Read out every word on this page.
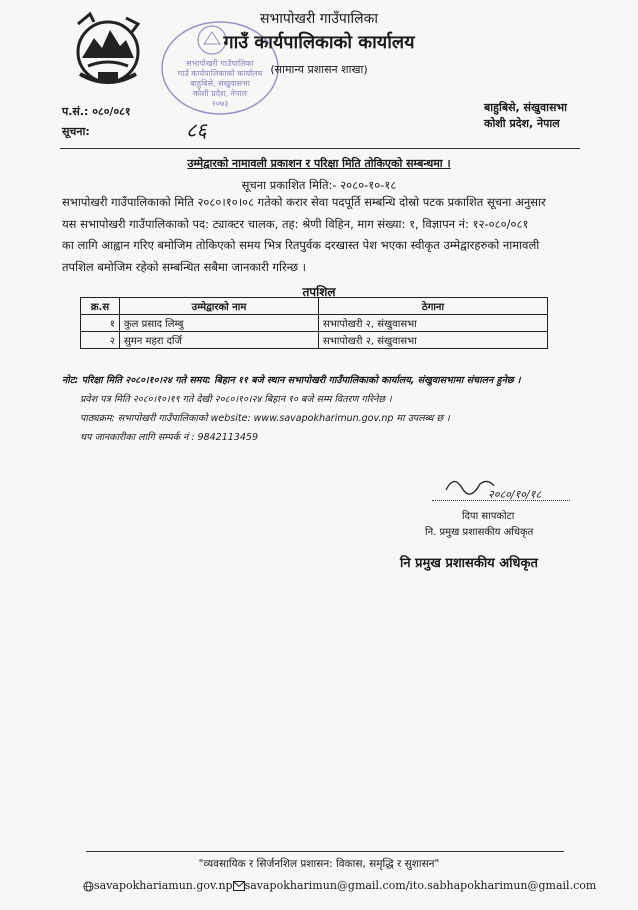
सभापोखरी गाउँपालिका
गाउँ कार्यपालिकाको कार्यालय
बाहुबिसे, संखुवासभा
कोशी प्रदेश, नेपाल
२०७३
सभापोखरी गाउँपालिका
गाउँ कार्यपालिकाको कार्यालय
(सामान्य प्रशासन शाखा)
प.सं.: ०८०/०८१
सूचना:	८६
बाहुबिसे, संखुवासभा
कोशी प्रदेश, नेपाल
उम्मेद्वारको नामावली प्रकाशन र परिक्षा मिति तोकिएको सम्बन्धमा ।
सूचना प्रकाशित मिति:- २०८०-१०-१८
सभापोखरी गाउँपालिकाको मिति २०८०।१०।०८ गतेको करार सेवा पदपूर्ति सम्बन्धि दोस्रो पटक प्रकाशित सूचना अनुसार
यस सभापोखरी गाउँपालिकाको पद: ट्याक्टर चालक, तह: श्रेणी विहिन, माग संख्या: १, विज्ञापन नं: १२-०८०/०८१
का लागि आह्वान गरिए बमोजिम तोकिएको समय भित्र रितपुर्वक दरखास्त पेश भएका स्वीकृत उम्मेद्वारहरुको नामावली
तपशिल बमोजिम रहेको सम्बन्धित सबैमा जानकारी गरिन्छ ।
तपशिल
क्र.स	उम्मेद्वारको नाम	ठेगाना
१	कुल प्रसाद लिम्बु	सभापोखरी २, संखुवासभा
२	सुमन महरा दर्जि	सभापोखरी २, संखुवासभा
नोट: परिक्षा मिति २०८०।१०।२४ गते समय: बिहान ११ बजे स्थान सभापोखरी गाउँपालिकाको कार्यालय, संखुवासभामा संचालन हुनेछ ।
प्रवेश पत्र मिति २०८०।१०।१९ गते देखी २०८०।१०।२४ बिहान १० बजे सम्म वितरण गरिनेछ ।
पाठ्यक्रम: सभापोखरी गाउँपालिकाको website: www.savapokharimun.gov.np मा उपलब्ध छ ।
थप जानकारीका लागि सम्पर्क नं : 9842113459
२०८०/१०/१८
दिपा सापकोटा
नि. प्रमुख प्रशासकीय अधिकृत
नि प्रमुख प्रशासकीय अधिकृत
"व्यवसायिक र सिर्जनशिल प्रशासन: विकास, समृद्धि र सुशासन"
savapokhariamun.gov.np savapokharimun@gmail.com/ito.sabhapokharimun@gmail.com
